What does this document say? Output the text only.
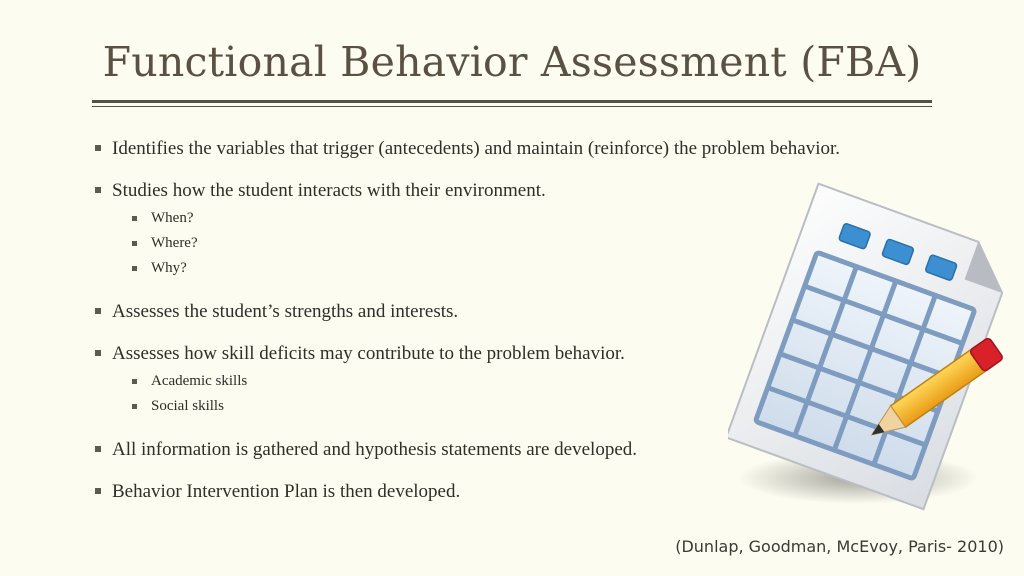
Functional Behavior Assessment (FBA)
Identifies the variables that trigger (antecedents) and maintain (reinforce) the problem behavior.
Studies how the student interacts with their environment.
When?
Where?
Why?
Assesses the student’s strengths and interests.
Assesses how skill deficits may contribute to the problem behavior.
Academic skills
Social skills
All information is gathered and hypothesis statements are developed.
Behavior Intervention Plan is then developed.
(Dunlap, Goodman, McEvoy, Paris- 2010)
